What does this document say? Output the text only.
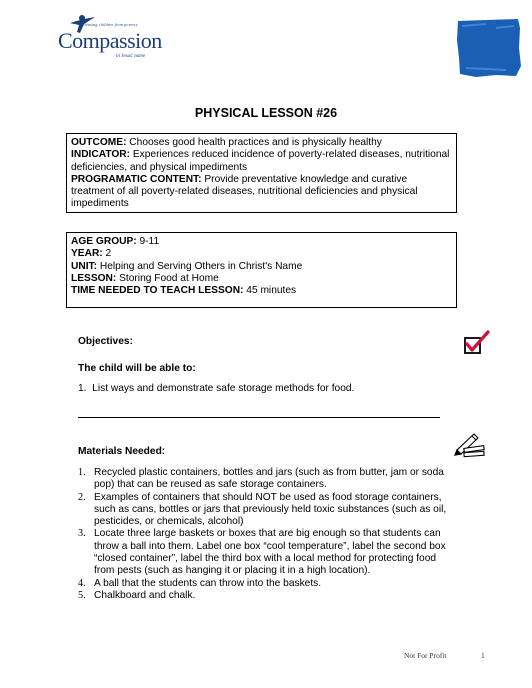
Releasing children from poverty
Compassion
in Jesus' name
PHYSICAL LESSON #26

OUTCOME: Chooses good health practices and is physically healthy

INDICATOR: Experiences reduced incidence of poverty-related diseases, nutritional deficiencies, and physical impediments

PROGRAMATIC CONTENT: Provide preventative knowledge and curative treatment of all poverty-related diseases, nutritional deficiencies and physical impediments

AGE GROUP: 9-11

YEAR: 2

UNIT: Helping and Serving Others in Christ's Name

LESSON: Storing Food at Home

TIME NEEDED TO TEACH LESSON: 45 minutes

Objectives:
The child will be able to:
1. List ways and demonstrate safe storage methods for food.
Materials Needed:
1. Recycled plastic containers, bottles and jars (such as from butter, jam or soda pop) that can be reused as safe storage containers.
2. Examples of containers that should NOT be used as food storage containers, such as cans, bottles or jars that previously held toxic substances (such as oil, pesticides, or chemicals, alcohol)
3. Locate three large baskets or boxes that are big enough so that students can throw a ball into them. Label one box “cool temperature”, label the second box “closed container”, label the third box with a local method for protecting food from pests (such as hanging it or placing it in a high location).
4. A ball that the students can throw into the baskets.
5. Chalkboard and chalk.
Not For Profit	1
